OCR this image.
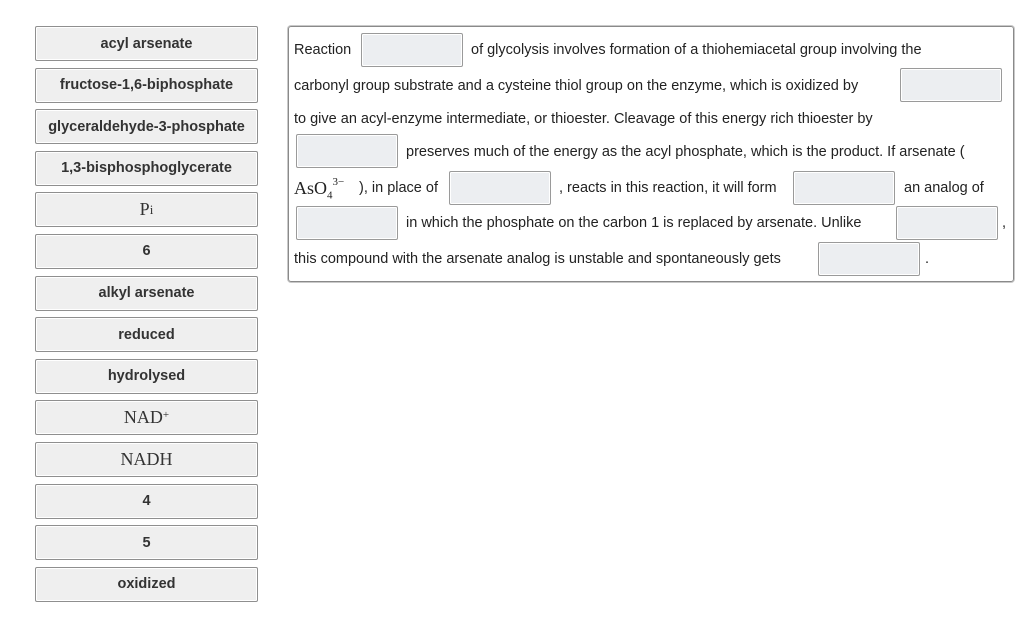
acyl arsenate
fructose-1,6-biphosphate
glyceraldehyde-3-phosphate
1,3-bisphosphoglycerate
P i
6
alkyl arsenate
reduced
hydrolysed
NAD+
NADH
4
5
oxidized
Reaction	of glycolysis involves formation of a thiohemiacetal group involving the
carbonyl group substrate and a cysteine thiol group on the enzyme, which is oxidized by
to give an acyl-enzyme intermediate, or thioester. Cleavage of this energy rich thioester by
preserves much of the energy as the acyl phosphate, which is the product. If arsenate (
AsO$_4^{3-}$ ), in place of	, reacts in this reaction, it will form	an analog of
in which the phosphate on the carbon 1 is replaced by arsenate. Unlike	,
this compound with the arsenate analog is unstable and spontaneously gets	.
